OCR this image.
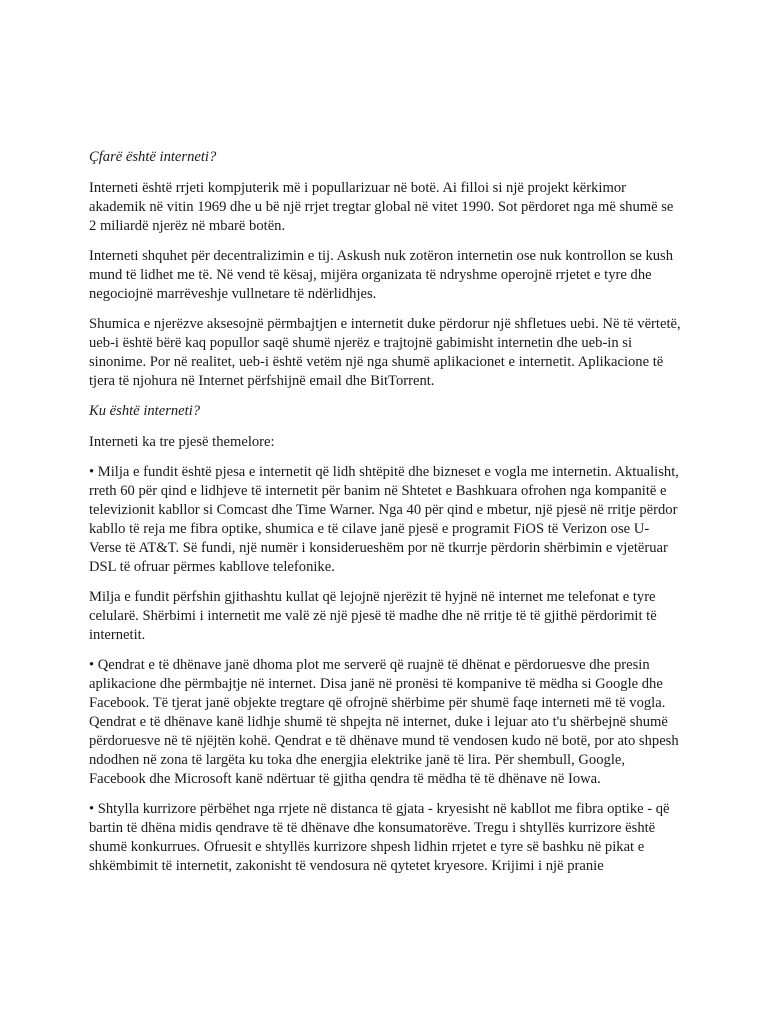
Çfarë është interneti?

Interneti është rrjeti kompjuterik më i popullarizuar në botë. Ai filloi si një projekt kërkimor akademik në vitin 1969 dhe u bë një rrjet tregtar global në vitet 1990. Sot përdoret nga më shumë se 2 miliardë njerëz në mbarë botën.

Interneti shquhet për decentralizimin e tij. Askush nuk zotëron internetin ose nuk kontrollon se kush mund të lidhet me të. Në vend të kësaj, mijëra organizata të ndryshme operojnë rrjetet e tyre dhe negociojnë marrëveshje vullnetare të ndërlidhjes.

Shumica e njerëzve aksesojnë përmbajtjen e internetit duke përdorur një shfletues uebi. Në të vërtetë, ueb-i është bërë kaq popullor saqë shumë njerëz e trajtojnë gabimisht internetin dhe ueb-in si sinonime. Por në realitet, ueb-i është vetëm një nga shumë aplikacionet e internetit. Aplikacione të tjera të njohura në Internet përfshijnë email dhe BitTorrent.

Ku është interneti?

Interneti ka tre pjesë themelore:

• Milja e fundit është pjesa e internetit që lidh shtëpitë dhe bizneset e vogla me internetin. Aktualisht, rreth 60 për qind e lidhjeve të internetit për banim në Shtetet e Bashkuara ofrohen nga kompanitë e televizionit kabllor si Comcast dhe Time Warner. Nga 40 për qind e mbetur, një pjesë në rritje përdor kabllo të reja me fibra optike, shumica e të cilave janë pjesë e programit FiOS të Verizon ose U-Verse të AT&T. Së fundi, një numër i konsiderueshëm por në tkurrje përdorin shërbimin e vjetëruar DSL të ofruar përmes kabllove telefonike.

Milja e fundit përfshin gjithashtu kullat që lejojnë njerëzit të hyjnë në internet me telefonat e tyre celularë. Shërbimi i internetit me valë zë një pjesë të madhe dhe në rritje të të gjithë përdorimit të internetit.

• Qendrat e të dhënave janë dhoma plot me serverë që ruajnë të dhënat e përdoruesve dhe presin aplikacione dhe përmbajtje në internet. Disa janë në pronësi të kompanive të mëdha si Google dhe Facebook. Të tjerat janë objekte tregtare që ofrojnë shërbime për shumë faqe interneti më të vogla. Qendrat e të dhënave kanë lidhje shumë të shpejta në internet, duke i lejuar ato t'u shërbejnë shumë përdoruesve në të njëjtën kohë. Qendrat e të dhënave mund të vendosen kudo në botë, por ato shpesh ndodhen në zona të largëta ku toka dhe energjia elektrike janë të lira. Për shembull, Google, Facebook dhe Microsoft kanë ndërtuar të gjitha qendra të mëdha të të dhënave në Iowa.

• Shtylla kurrizore përbëhet nga rrjete në distanca të gjata - kryesisht në kabllot me fibra optike - që bartin të dhëna midis qendrave të të dhënave dhe konsumatorëve. Tregu i shtyllës kurrizore është shumë konkurrues. Ofruesit e shtyllës kurrizore shpesh lidhin rrjetet e tyre së bashku në pikat e shkëmbimit të internetit, zakonisht të vendosura në qytetet kryesore. Krijimi i një pranie
